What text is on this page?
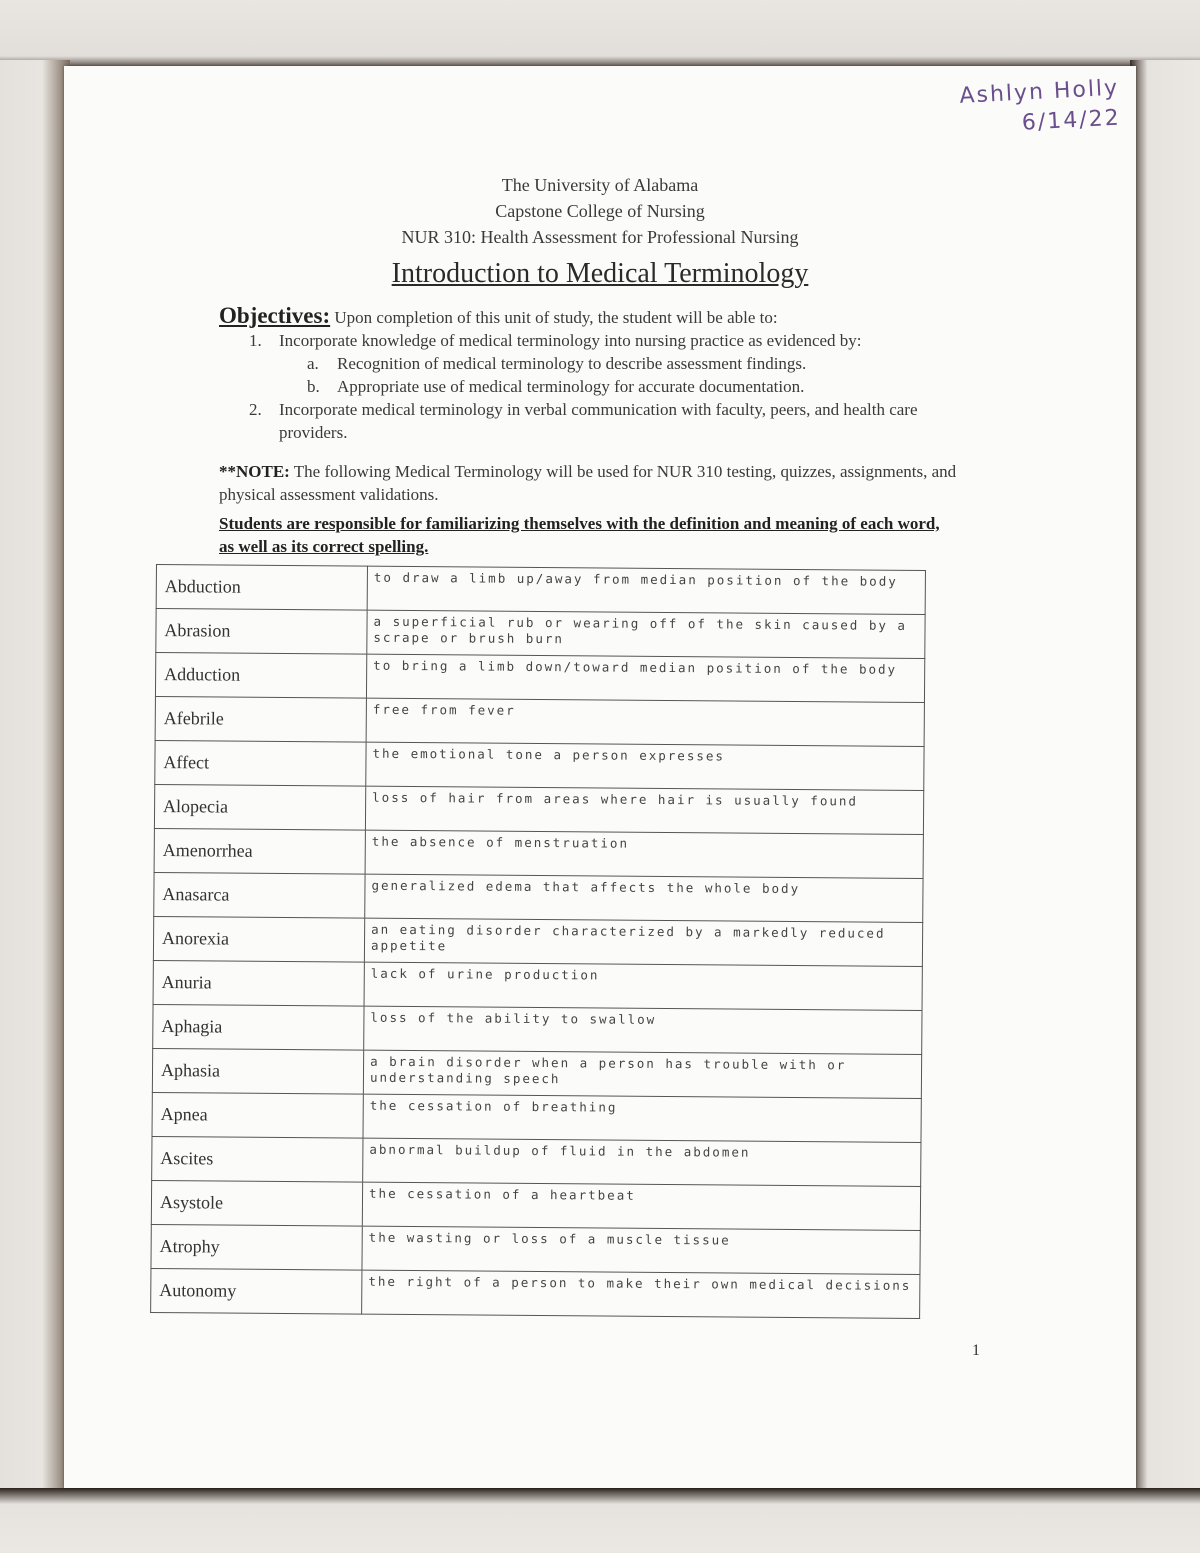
Ashlyn Holly
6/14/22
The University of Alabama
Capstone College of Nursing
NUR 310: Health Assessment for Professional Nursing
Introduction to Medical Terminology
Objectives: Upon completion of this unit of study, the student will be able to:
1. Incorporate knowledge of medical terminology into nursing practice as evidenced by:
a. Recognition of medical terminology to describe assessment findings.
b. Appropriate use of medical terminology for accurate documentation.
2. Incorporate medical terminology in verbal communication with faculty, peers, and health care providers.
**NOTE: The following Medical Terminology will be used for NUR 310 testing, quizzes, assignments, and physical assessment validations.
Students are responsible for familiarizing themselves with the definition and meaning of each word, as well as its correct spelling.
Abduction	to draw a limb up/away from median position of the body
Abrasion	a superficial rub or wearing off of the skin caused by a scrape or brush burn
Adduction	to bring a limb down/toward median position of the body
Afebrile	free from fever
Affect	the emotional tone a person expresses
Alopecia	loss of hair from areas where hair is usually found
Amenorrhea	the absence of menstruation
Anasarca	generalized edema that affects the whole body
Anorexia	an eating disorder characterized by a markedly reduced appetite
Anuria	lack of urine production
Aphagia	loss of the ability to swallow
Aphasia	a brain disorder when a person has trouble with or understanding speech
Apnea	the cessation of breathing
Ascites	abnormal buildup of fluid in the abdomen
Asystole	the cessation of a heartbeat
Atrophy	the wasting or loss of a muscle tissue
Autonomy	the right of a person to make their own medical decisions
1
